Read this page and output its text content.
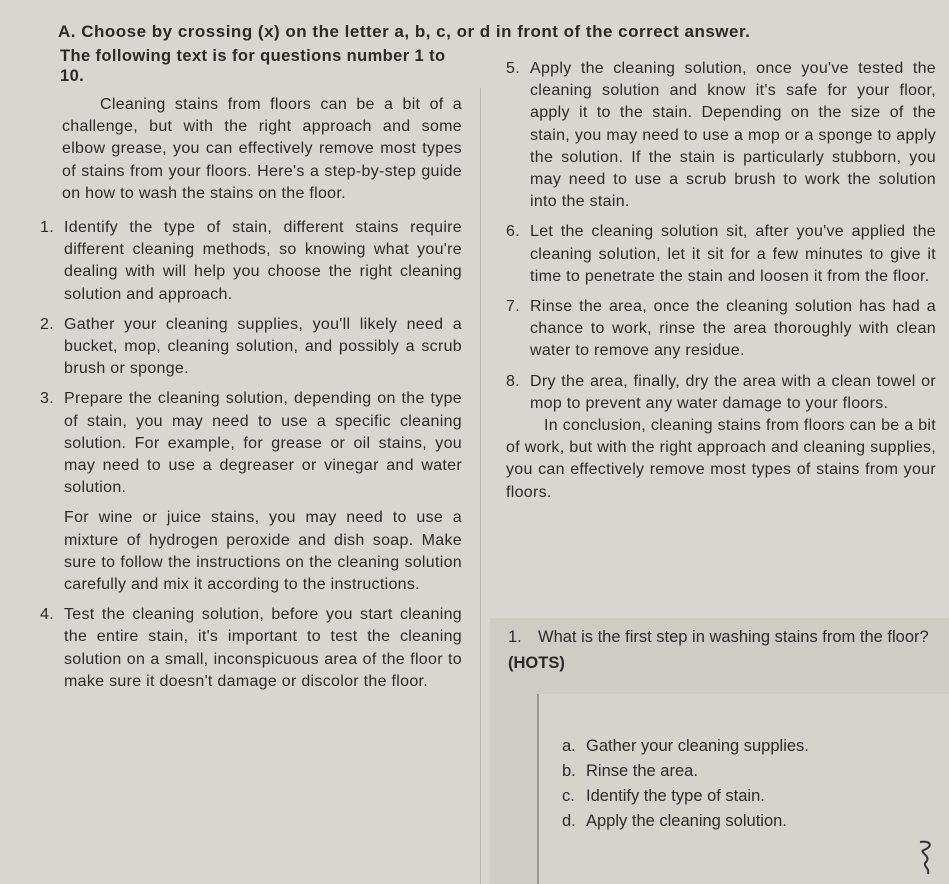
A. Choose by crossing (x) on the letter a, b, c, or d in front of the correct answer.
The following text is for questions number 1 to 10.

Cleaning stains from floors can be a bit of a challenge, but with the right approach and some elbow grease, you can effectively remove most types of stains from your floors. Here's a step-by-step guide on how to wash the stains on the floor.

1. Identify the type of stain, different stains require different cleaning methods, so knowing what you're dealing with will help you choose the right cleaning solution and approach.
2. Gather your cleaning supplies, you'll likely need a bucket, mop, cleaning solution, and possibly a scrub brush or sponge.
3. Prepare the cleaning solution, depending on the type of stain, you may need to use a specific cleaning solution. For example, for grease or oil stains, you may need to use a degreaser or vinegar and water solution.
For wine or juice stains, you may need to use a mixture of hydrogen peroxide and dish soap. Make sure to follow the instructions on the cleaning solution carefully and mix it according to the instructions.
4. Test the cleaning solution, before you start cleaning the entire stain, it's important to test the cleaning solution on a small, inconspicuous area of the floor to make sure it doesn't damage or discolor the floor.
5. Apply the cleaning solution, once you've tested the cleaning solution and know it's safe for your floor, apply it to the stain. Depending on the size of the stain, you may need to use a mop or a sponge to apply the solution. If the stain is particularly stubborn, you may need to use a scrub brush to work the solution into the stain.
6. Let the cleaning solution sit, after you've applied the cleaning solution, let it sit for a few minutes to give it time to penetrate the stain and loosen it from the floor.
7. Rinse the area, once the cleaning solution has had a chance to work, rinse the area thoroughly with clean water to remove any residue.
8. Dry the area, finally, dry the area with a clean towel or mop to prevent any water damage to your floors.

In conclusion, cleaning stains from floors can be a bit of work, but with the right approach and cleaning supplies, you can effectively remove most types of stains from your floors.

1. What is the first step in washing stains from the floor? (HOTS)
a. Gather your cleaning supplies.
b. Rinse the area.
c. Identify the type of stain.
d. Apply the cleaning solution.
